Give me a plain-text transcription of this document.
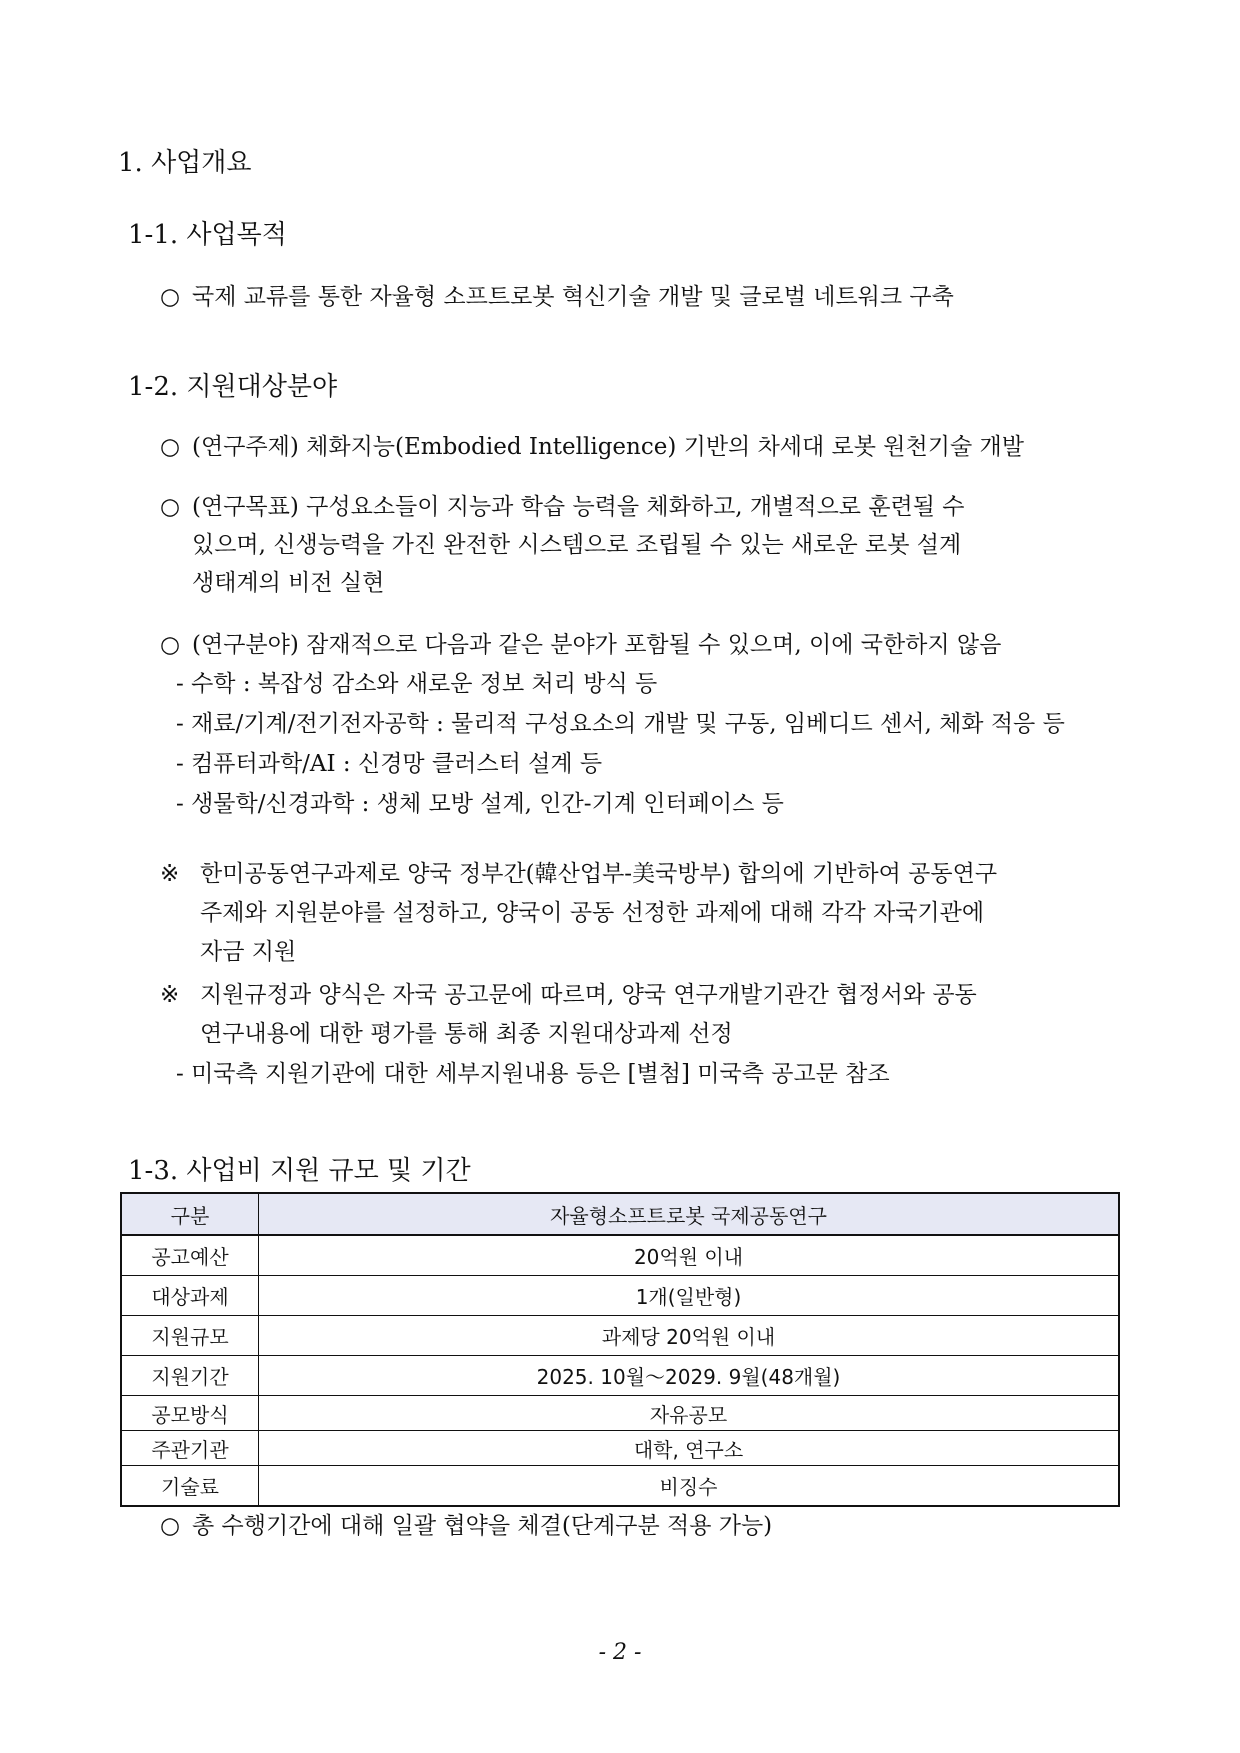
1. 사업개요
1-1. 사업목적
○ 국제 교류를 통한 자율형 소프트로봇 혁신기술 개발 및 글로벌 네트워크 구축
1-2. 지원대상분야
○ (연구주제) 체화지능(Embodied Intelligence) 기반의 차세대 로봇 원천기술 개발
○ (연구목표) 구성요소들이 지능과 학습 능력을 체화하고, 개별적으로 훈련될 수
있으며, 신생능력을 가진 완전한 시스템으로 조립될 수 있는 새로운 로봇 설계
생태계의 비전 실현
○ (연구분야) 잠재적으로 다음과 같은 분야가 포함될 수 있으며, 이에 국한하지 않음
- 수학 : 복잡성 감소와 새로운 정보 처리 방식 등
- 재료/기계/전기전자공학 : 물리적 구성요소의 개발 및 구동, 임베디드 센서, 체화 적응 등
- 컴퓨터과학/AI : 신경망 클러스터 설계 등
- 생물학/신경과학 : 생체 모방 설계, 인간-기계 인터페이스 등
※ 한미공동연구과제로 양국 정부간(韓산업부-美국방부) 합의에 기반하여 공동연구
주제와 지원분야를 설정하고, 양국이 공동 선정한 과제에 대해 각각 자국기관에
자금 지원
※ 지원규정과 양식은 자국 공고문에 따르며, 양국 연구개발기관간 협정서와 공동
연구내용에 대한 평가를 통해 최종 지원대상과제 선정
- 미국측 지원기관에 대한 세부지원내용 등은 [별첨] 미국측 공고문 참조
1-3. 사업비 지원 규모 및 기간
구분	자율형소프트로봇 국제공동연구
공고예산	20억원 이내
대상과제	1개(일반형)
지원규모	과제당 20억원 이내
지원기간	2025. 10월～2029. 9월(48개월)
공모방식	자유공모
주관기관	대학, 연구소
기술료	비징수
○ 총 수행기간에 대해 일괄 협약을 체결(단계구분 적용 가능)
- 2 -
